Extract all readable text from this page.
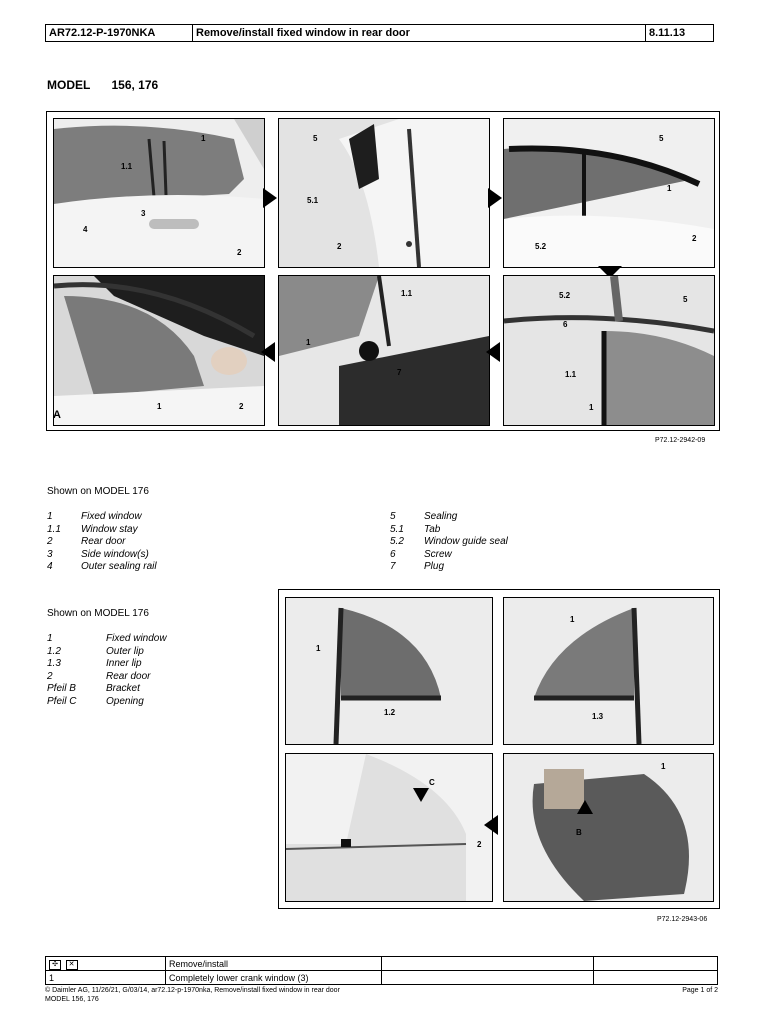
AR72.12-P-1970NKA	Remove/install fixed window in rear door	8.11.13
MODEL 156, 176
1
1.1
3
4
2
5
5.1
2
5
1
5.2
2
A
1	2
1.1
1
7
5.2	5
6
1.1
1
P72.12-2942-09
Shown on MODEL 176
1	Fixed window
1.1	Window stay
2	Rear door
3	Side window(s)
4	Outer sealing rail
5	Sealing
5.1	Tab
5.2	Window guide seal
6	Screw
7	Plug
Shown on MODEL 176
1	Fixed window
1.2	Outer lip
1.3	Inner lip
2	Rear door
Pfeil B	Bracket
Pfeil C	Opening
1
1.2
1
1.3
C
2
1
B
P72.12-2943-06
✣ ✕	Remove/install		
1	Completely lower crank window (3)		
© Daimler AG, 11/26/21, G/03/14, ar72.12-p-1970nka, Remove/install fixed window in rear door
MODEL 156, 176
Page 1 of 2
